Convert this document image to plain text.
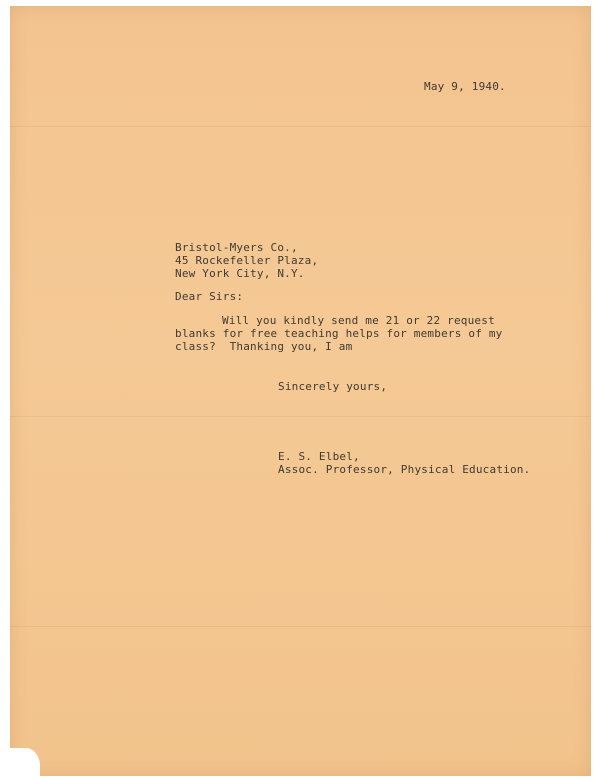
May 9, 1940.
Bristol-Myers Co.,
45 Rockefeller Plaza,
New York City, N.Y.
Dear Sirs:
Will you kindly send me 21 or 22 request
blanks for free teaching helps for members of my
class?  Thanking you, I am
Sincerely yours,
E. S. Elbel,
Assoc. Professor, Physical Education.
